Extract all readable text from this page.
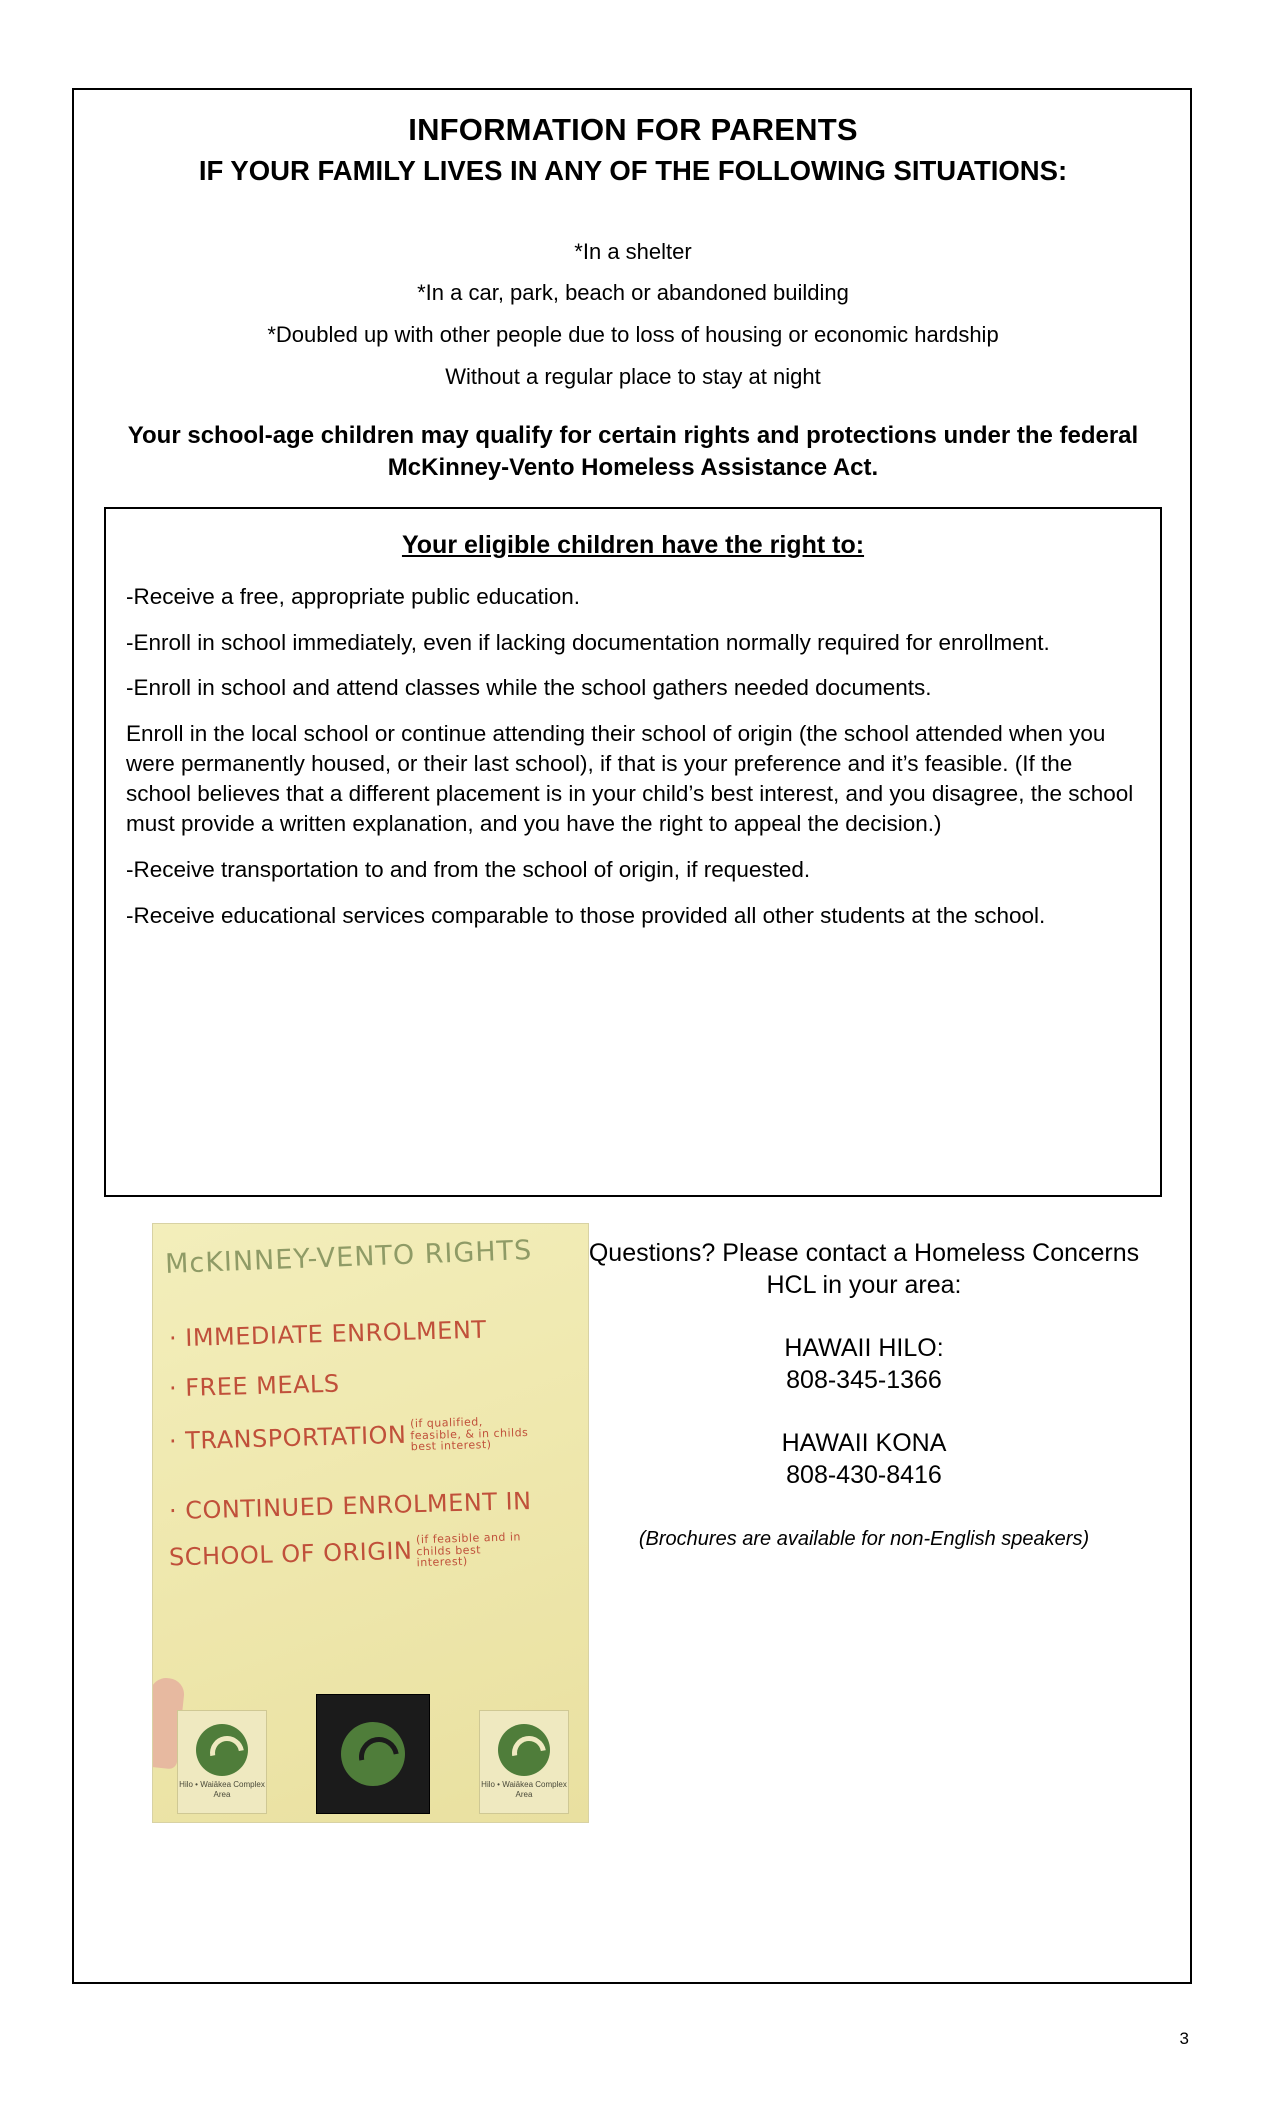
INFORMATION FOR PARENTS
IF YOUR FAMILY LIVES IN ANY OF THE FOLLOWING SITUATIONS:
*In a shelter
*In a car, park, beach or abandoned building
*Doubled up with other people due to loss of housing or economic hardship
Without a regular place to stay at night
Your school-age children may qualify for certain rights and protections under the federal McKinney-Vento Homeless Assistance Act.
Your eligible children have the right to:

-Receive a free, appropriate public education.

-Enroll in school immediately, even if lacking documentation normally required for enrollment.

-Enroll in school and attend classes while the school gathers needed documents.

Enroll in the local school or continue attending their school of origin (the school attended when you were permanently housed, or their last school), if that is your preference and it’s feasible. (If the school believes that a different placement is in your child’s best interest, and you disagree, the school must provide a written explanation, and you have the right to appeal the decision.)

-Receive transportation to and from the school of origin, if requested.

-Receive educational services comparable to those provided all other students at the school.

McKINNEY-VENTO RIGHTS
· IMMEDIATE ENROLMENT
· FREE MEALS
· TRANSPORTATION (if qualified, feasible, & in childs best interest)
· CONTINUED ENROLMENT IN
SCHOOL OF ORIGIN (if feasible and in childs best interest)
Hilo • Waiākea Complex Area
Hilo • Waiākea Complex Area

Questions? Please contact a Homeless Concerns HCL in your area:

HAWAII HILO:
808-345-1366
HAWAII KONA
808-430-8416
(Brochures are available for non-English speakers)
3
